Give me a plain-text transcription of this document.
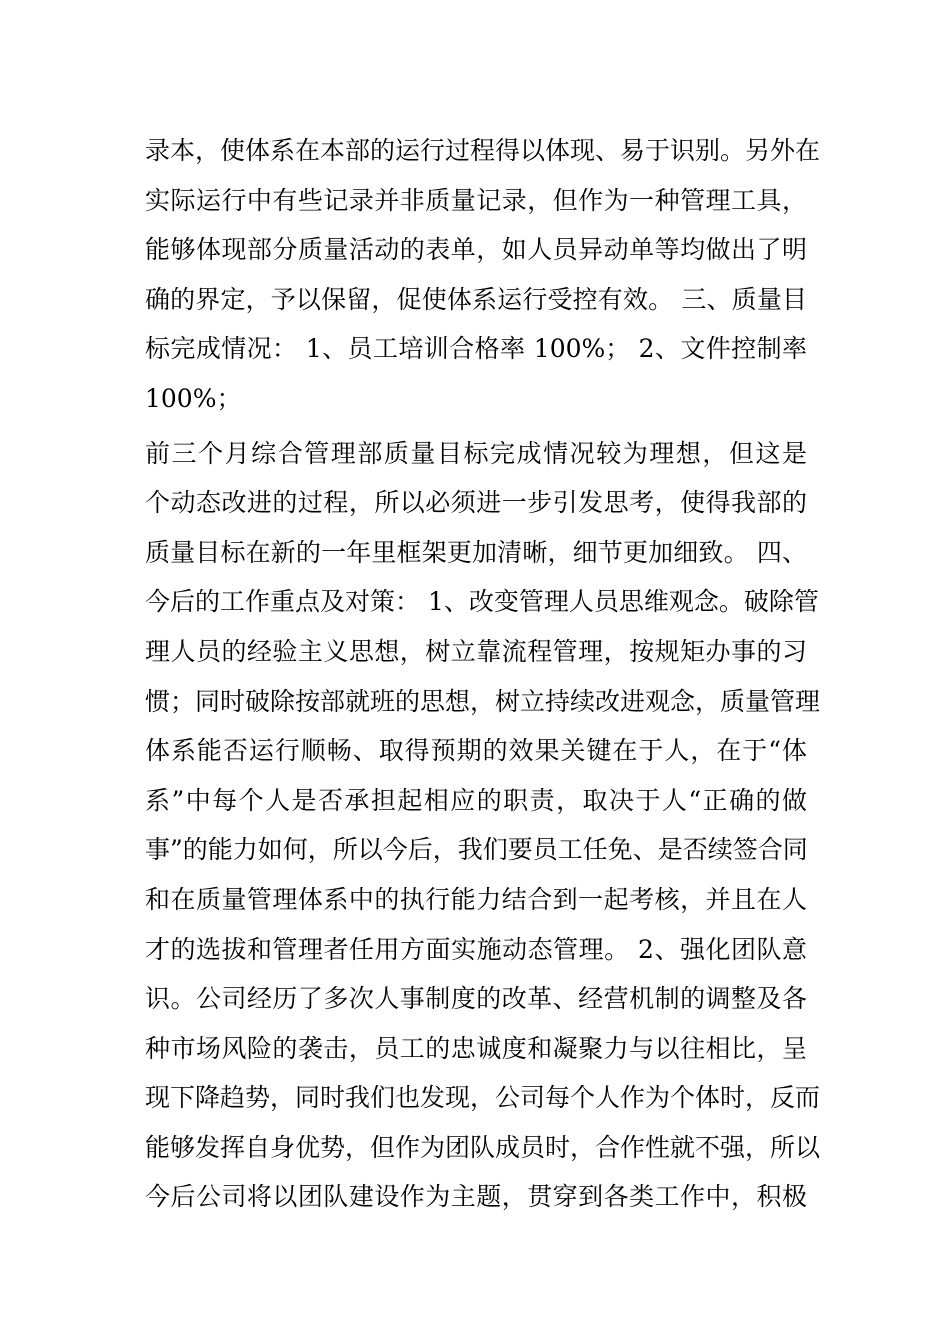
录本，使体系在本部的运行过程得以体现、易于识别。另外在
实际运行中有些记录并非质量记录，但作为一种管理工具，
能够体现部分质量活动的表单，如人员异动单等均做出了明
确的界定，予以保留，促使体系运行受控有效。 三、质量目
标完成情况： 1、员工培训合格率 100%； 2、文件控制率
100%；
前三个月综合管理部质量目标完成情况较为理想，但这是
个动态改进的过程，所以必须进一步引发思考，使得我部的
质量目标在新的一年里框架更加清晰，细节更加细致。 四、
今后的工作重点及对策： 1、改变管理人员思维观念。破除管
理人员的经验主义思想，树立靠流程管理，按规矩办事的习
惯；同时破除按部就班的思想，树立持续改进观念，质量管理
体系能否运行顺畅、取得预期的效果关键在于人，在于“体
系”中每个人是否承担起相应的职责，取决于人“正确的做
事”的能力如何，所以今后，我们要员工任免、是否续签合同
和在质量管理体系中的执行能力结合到一起考核，并且在人
才的选拔和管理者任用方面实施动态管理。 2、强化团队意
识。公司经历了多次人事制度的改革、经营机制的调整及各
种市场风险的袭击，员工的忠诚度和凝聚力与以往相比，呈
现下降趋势，同时我们也发现，公司每个人作为个体时，反而
能够发挥自身优势，但作为团队成员时，合作性就不强，所以
今后公司将以团队建设作为主题，贯穿到各类工作中，积极
